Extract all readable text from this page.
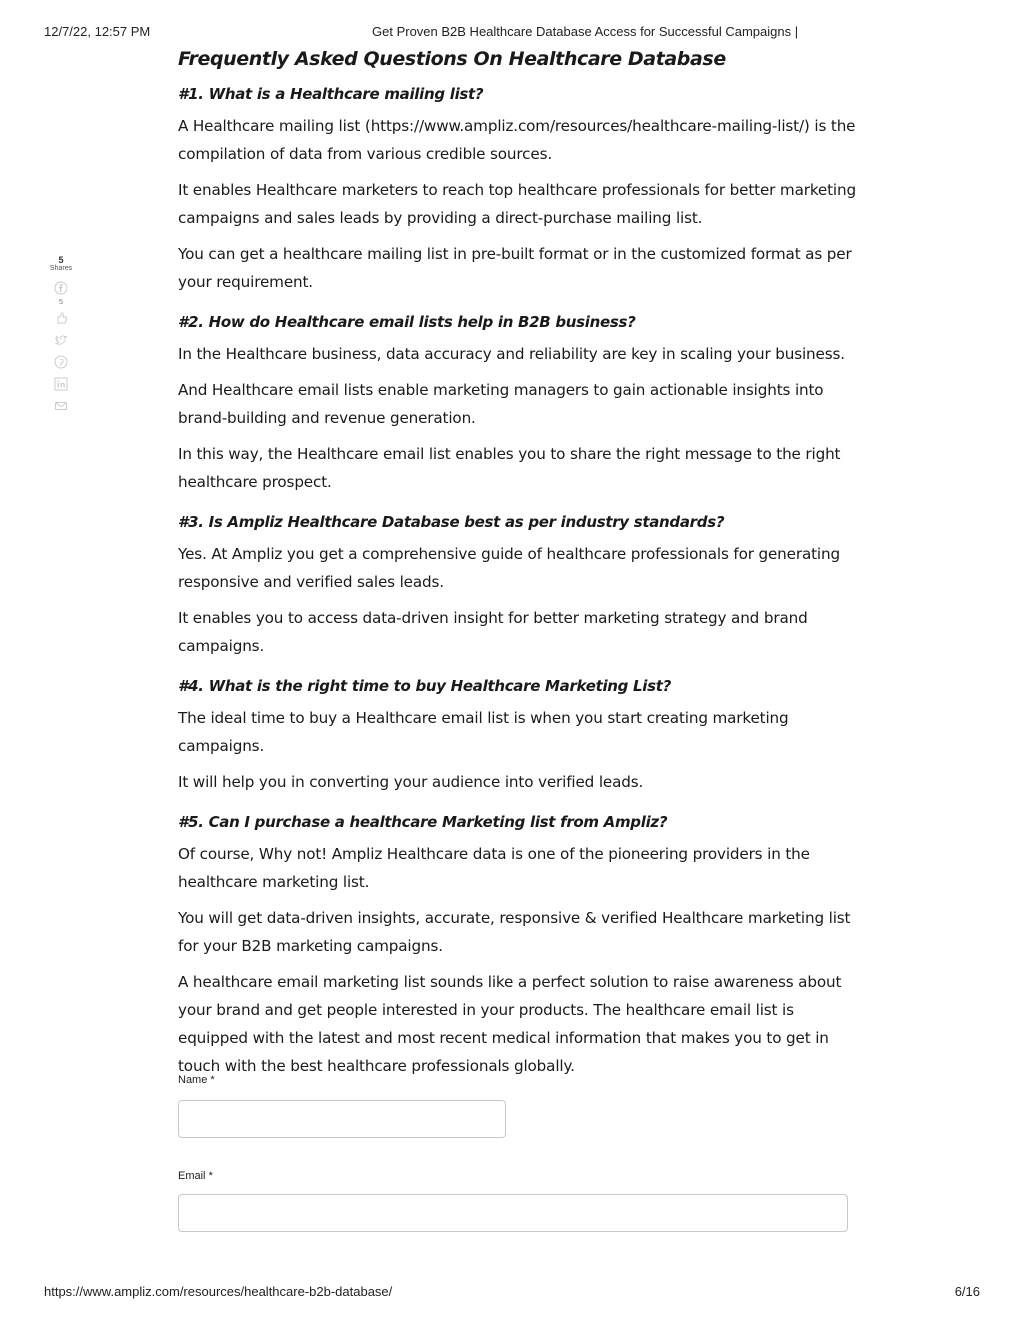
12/7/22, 12:57 PM	Get Proven B2B Healthcare Database Access for Successful Campaigns |
5
Shares
5
Frequently Asked Questions On Healthcare Database
#1. What is a Healthcare mailing list?

A Healthcare mailing list (https://www.ampliz.com/resources/healthcare-mailing-list/) is the compilation of data from various credible sources.

It enables Healthcare marketers to reach top healthcare professionals for better marketing campaigns and sales leads by providing a direct-purchase mailing list.

You can get a healthcare mailing list in pre-built format or in the customized format as per your requirement.

#2. How do Healthcare email lists help in B2B business?

In the Healthcare business, data accuracy and reliability are key in scaling your business.

And Healthcare email lists enable marketing managers to gain actionable insights into brand-building and revenue generation.

In this way, the Healthcare email list enables you to share the right message to the right healthcare prospect.

#3. Is Ampliz Healthcare Database best as per industry standards?

Yes. At Ampliz you get a comprehensive guide of healthcare professionals for generating responsive and verified sales leads.

It enables you to access data-driven insight for better marketing strategy and brand campaigns.

#4. What is the right time to buy Healthcare Marketing List?

The ideal time to buy a Healthcare email list is when you start creating marketing campaigns.

It will help you in converting your audience into verified leads.

#5. Can I purchase a healthcare Marketing list from Ampliz?

Of course, Why not! Ampliz Healthcare data is one of the pioneering providers in the healthcare marketing list.

You will get data-driven insights, accurate, responsive & verified Healthcare marketing list for your B2B marketing campaigns.

A healthcare email marketing list sounds like a perfect solution to raise awareness about your brand and get people interested in your products. The healthcare email list is equipped with the latest and most recent medical information that makes you to get in touch with the best healthcare professionals globally.

Name *
Email *
https://www.ampliz.com/resources/healthcare-b2b-database/	6/16
